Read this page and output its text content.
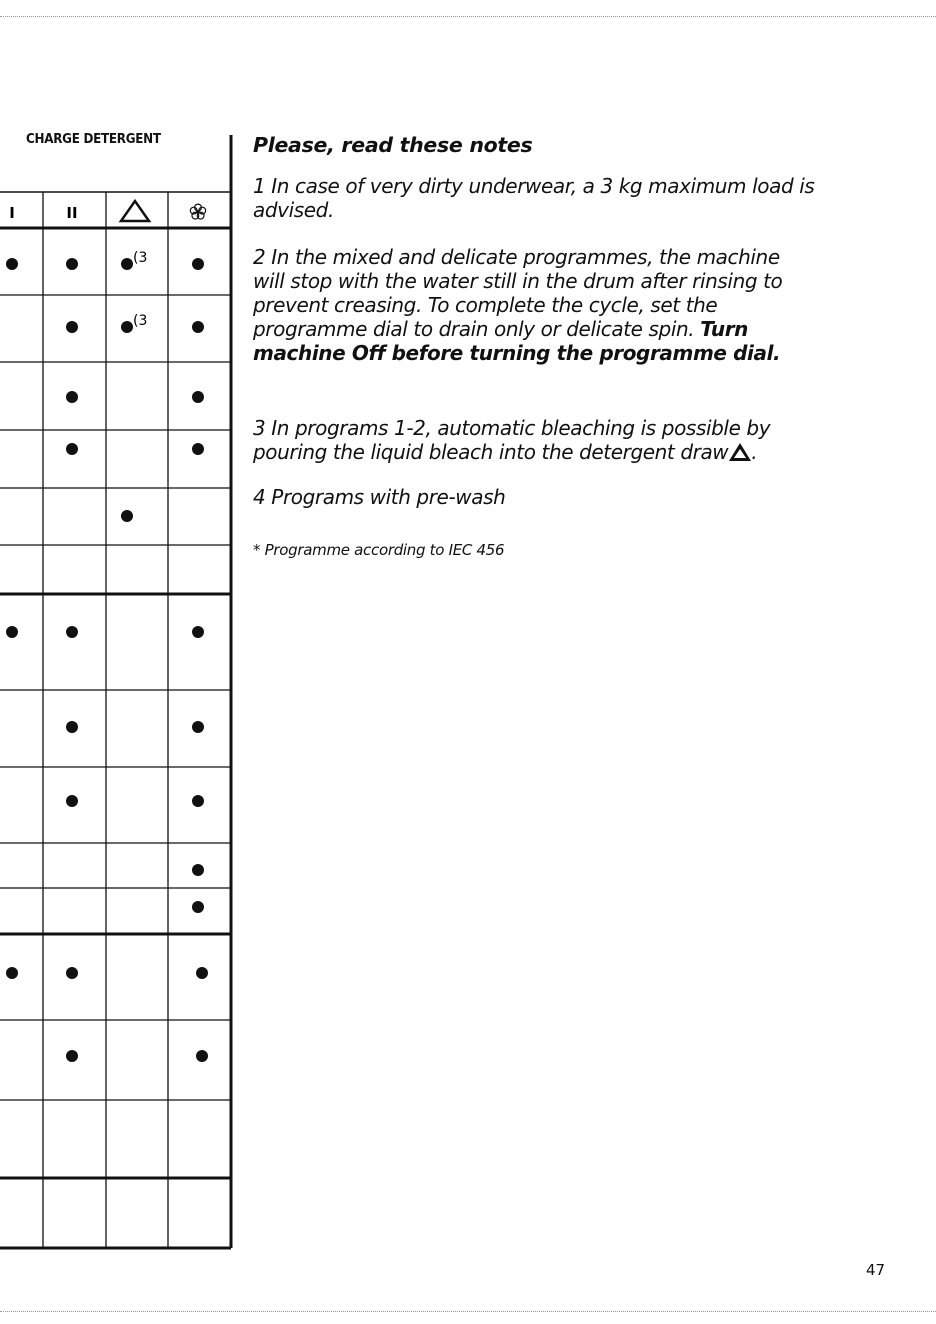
CHARGE DETERGENT
I	II
(3
(3
Please, read these notes

1 In case of very dirty underwear, a 3 kg maximum load is
advised.

2 In the mixed and delicate programmes, the machine
will stop with the water still in the drum after rinsing to
prevent creasing. To complete the cycle, set the
programme dial to drain only or delicate spin. Turn
machine Off before turning the programme dial.

3 In programs 1-2, automatic bleaching is possible by
pouring the liquid bleach into the detergent draw .

4 Programs with pre-wash

* Programme according to IEC 456

47
